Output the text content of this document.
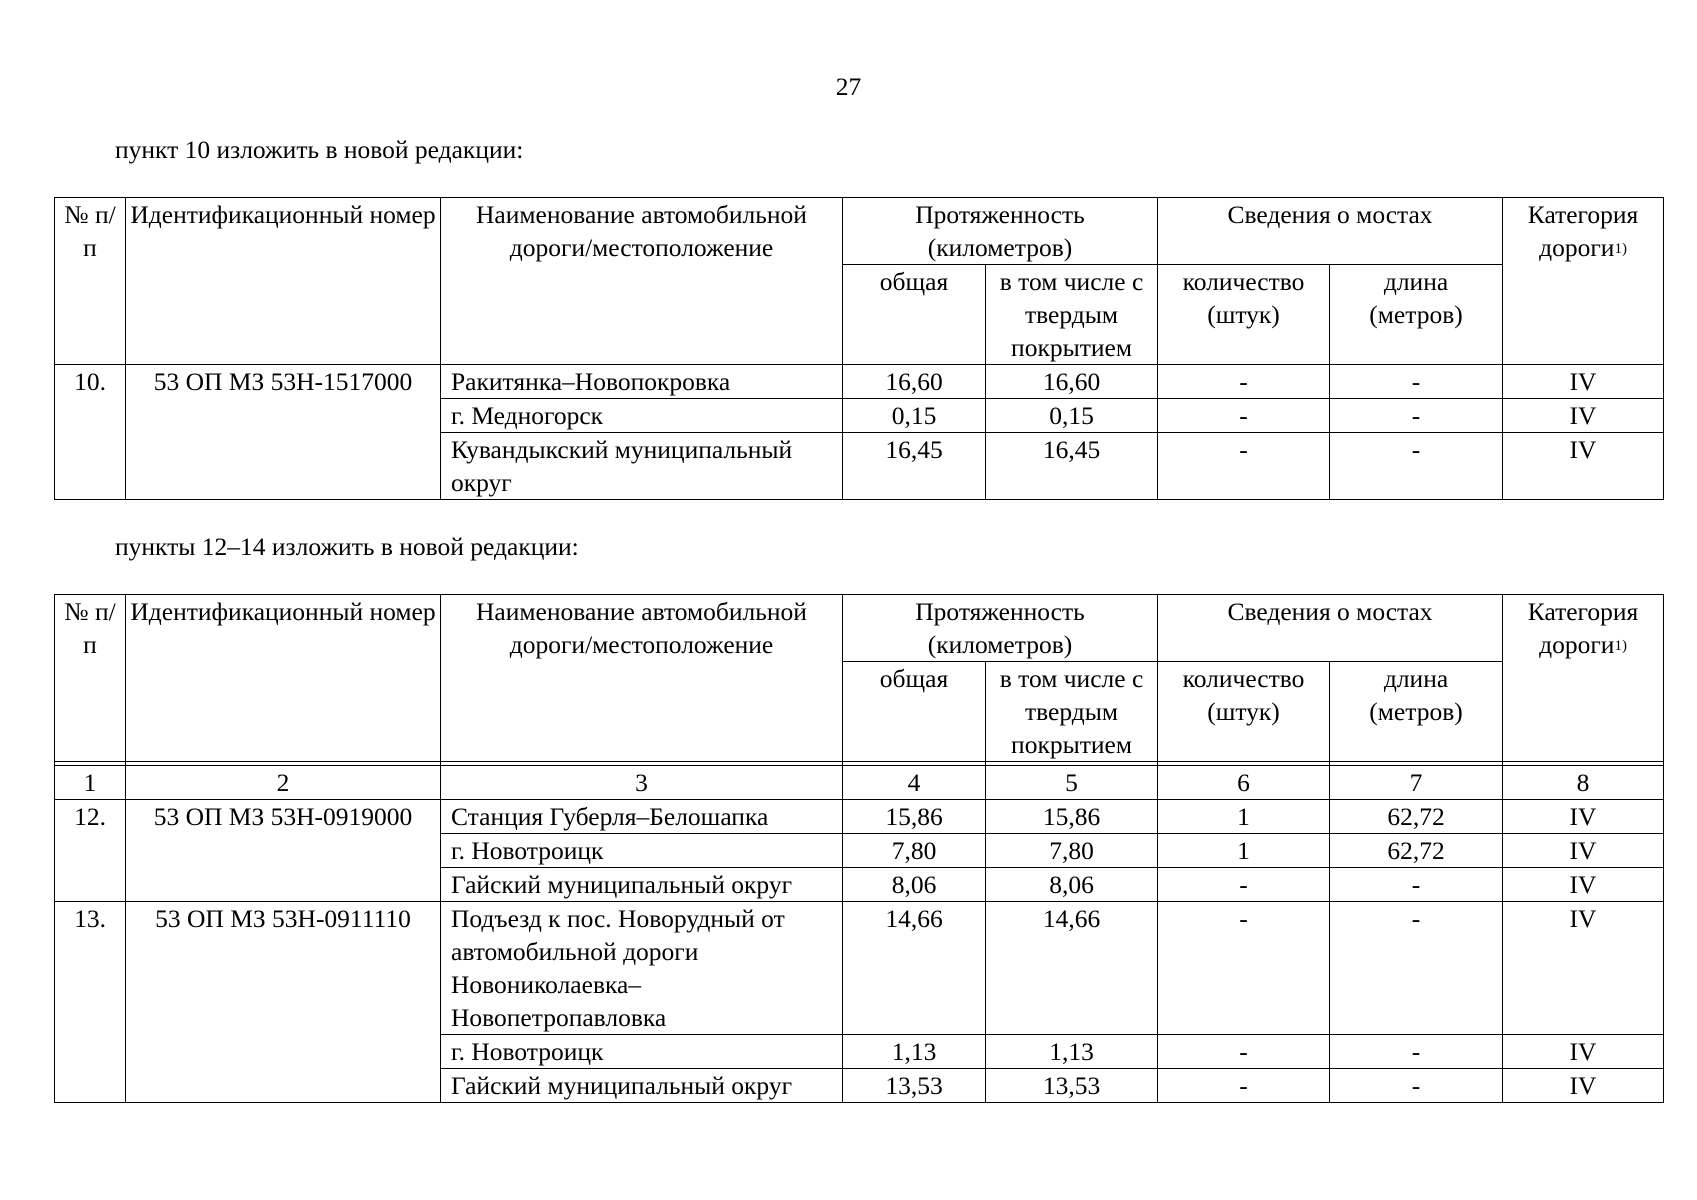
27
пункт 10 изложить в новой редакции:
№ п/п	Идентификационный номер	Наименование автомобильной дороги/местоположение	Протяженность (километров)		Сведения о мостах		Категория дороги$^{1)}$
			общая	в том числе с твердым покрытием	количество (штук)	длина (метров)	
10.	53 ОП МЗ 53Н-1517000	Ракитянка–Новопокровка	16,60	16,60	-	-	IV
		г. Медногорск	0,15	0,15	-	-	IV
		Кувандыкский муниципальный округ	16,45	16,45	-	-	IV
пункты 12–14 изложить в новой редакции:
№ п/п	Идентификационный номер	Наименование автомобильной дороги/местоположение	Протяженность (километров)		Сведения о мостах		Категория дороги$^{1)}$
			общая	в том числе с твердым покрытием	количество (штук)	длина (метров)	

1	2	3	4	5	6	7	8
12.	53 ОП МЗ 53Н-0919000	Станция Губерля–Белошапка	15,86	15,86	1	62,72	IV
		г. Новотроицк	7,80	7,80	1	62,72	IV
		Гайский муниципальный округ	8,06	8,06	-	-	IV
13.	53 ОП МЗ 53Н-0911110	Подъезд к пос. Новорудный от автомобильной дороги Новониколаевка–Новопетропавловка	14,66	14,66	-	-	IV
		г. Новотроицк	1,13	1,13	-	-	IV
		Гайский муниципальный округ	13,53	13,53	-	-	IV
